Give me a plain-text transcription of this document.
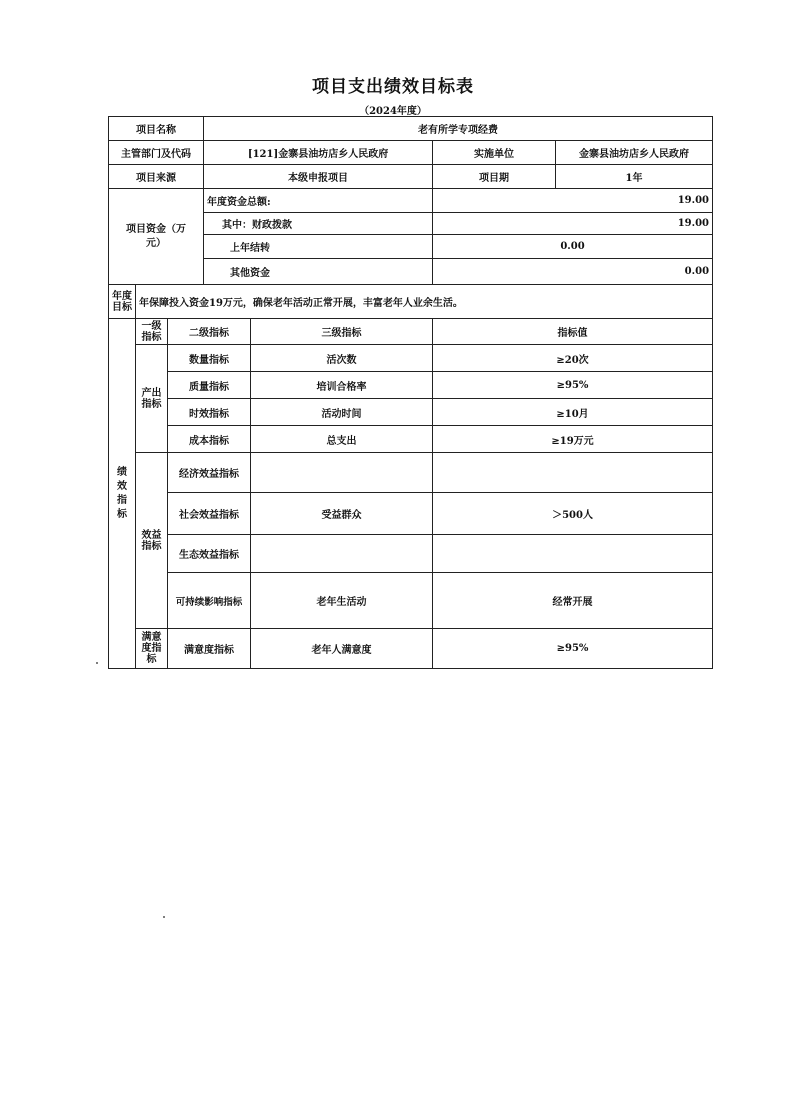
项目支出绩效目标表
（2024年度）
项目名称			老有所学专项经费			
主管部门及代码			[121]金寨县油坊店乡人民政府		实施单位	金寨县油坊店乡人民政府
项目来源			本级申报项目		项目期	1年
项目资金（万元）			年度资金总额:		19.00	
			其中：财政拨款		19.00	
			上年结转		0.00	
			其他资金		0.00	
年度目标	年保障投入资金19万元，确保老年活动正常开展，丰富老年人业余生活。					
绩效指标	一级指标	二级指标		三级指标	指标值	
	产出指标	数量指标		活次数	≥20次	
		质量指标		培训合格率	≥95%	
		时效指标		活动时间	≥10月	
		成本指标		总支出	≥19万元	
	效益指标	经济效益指标				
		社会效益指标		受益群众	＞500人	
		生态效益指标				
		可持续影响指标		老年生活动	经常开展	
	满意度指标	满意度指标		老年人满意度	≥95%	
